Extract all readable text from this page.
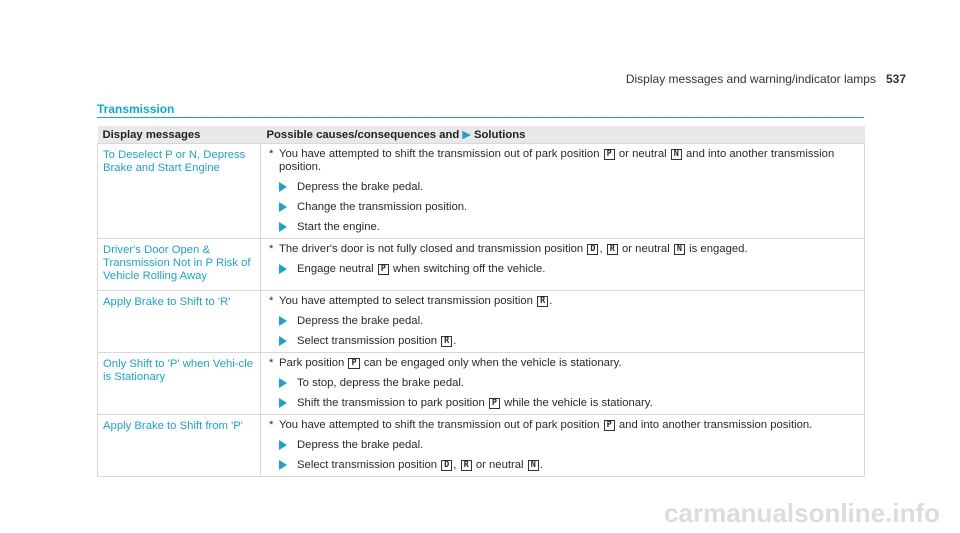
Display messages and warning/indicator lamps 537
Transmission
Display messages	Possible causes/consequences and ▶ Solutions
To Deselect P or N, Depress Brake and Start Engine	* You have attempted to shift the transmission out of park position P or neutral N and into another transmission position.
Depress the brake pedal.
Change the transmission position.
Start the engine.

Driver's Door Open & Transmission Not in P Risk of Vehicle Rolling Away	* The driver's door is not fully closed and transmission position D , R or neutral N is engaged.
Engage neutral P when switching off the vehicle.

Apply Brake to Shift to 'R'	* You have attempted to select transmission position R .
Depress the brake pedal.
Select transmission position R .

Only Shift to 'P' when Vehi-cle is Stationary	* Park position P can be engaged only when the vehicle is stationary.
To stop, depress the brake pedal.
Shift the transmission to park position P while the vehicle is stationary.

Apply Brake to Shift from 'P'	* You have attempted to shift the transmission out of park position P and into another transmission position.
Depress the brake pedal.
Select transmission position D , R or neutral N .
carmanualsonline.info
